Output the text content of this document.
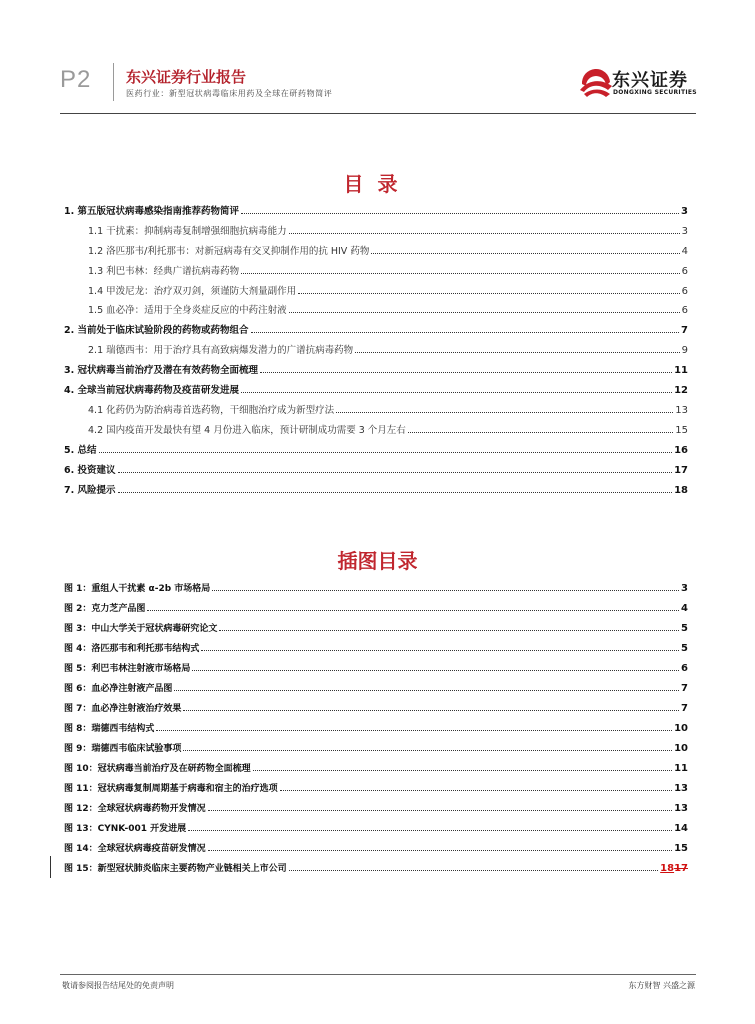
P2 东兴证券行业报告
医药行业：新型冠状病毒临床用药及全球在研药物简评
东兴证券
DONGXING SECURITIES
目录
1. 第五版冠状病毒感染指南推荐药物简评	3
1.1 干扰素：抑制病毒复制增强细胞抗病毒能力	3
1.2 洛匹那韦/利托那韦：对新冠病毒有交叉抑制作用的抗 HIV 药物	4
1.3 利巴韦林：经典广谱抗病毒药物	6
1.4 甲泼尼龙：治疗双刃剑，须谨防大剂量副作用	6
1.5 血必净：适用于全身炎症反应的中药注射液	6
2. 当前处于临床试验阶段的药物或药物组合	7
2.1 瑞德西韦：用于治疗具有高致病爆发潜力的广谱抗病毒药物	9
3. 冠状病毒当前治疗及潜在有效药物全面梳理	11
4. 全球当前冠状病毒药物及疫苗研发进展	12
4.1 化药仍为防治病毒首选药物，干细胞治疗成为新型疗法	13
4.2 国内疫苗开发最快有望 4 月份进入临床，预计研制成功需要 3 个月左右	15
5. 总结	16
6. 投资建议	17
7. 风险提示	18
插图目录
图 1：重组人干扰素 α-2b 市场格局	3
图 2：克力芝产品图	4
图 3：中山大学关于冠状病毒研究论文	5
图 4：洛匹那韦和利托那韦结构式	5
图 5：利巴韦林注射液市场格局	6
图 6：血必净注射液产品图	7
图 7：血必净注射液治疗效果	7
图 8：瑞德西韦结构式	10
图 9：瑞德西韦临床试验事项	10
图 10：冠状病毒当前治疗及在研药物全面梳理	11
图 11：冠状病毒复制周期基于病毒和宿主的治疗选项	13
图 12：全球冠状病毒药物开发情况	13
图 13：CYNK-001 开发进展	14
图 14：全球冠状病毒疫苗研发情况	15
图 15：新型冠状肺炎临床主要药物产业链相关上市公司	1817
敬请参阅报告结尾处的免责声明	东方财智 兴盛之源
